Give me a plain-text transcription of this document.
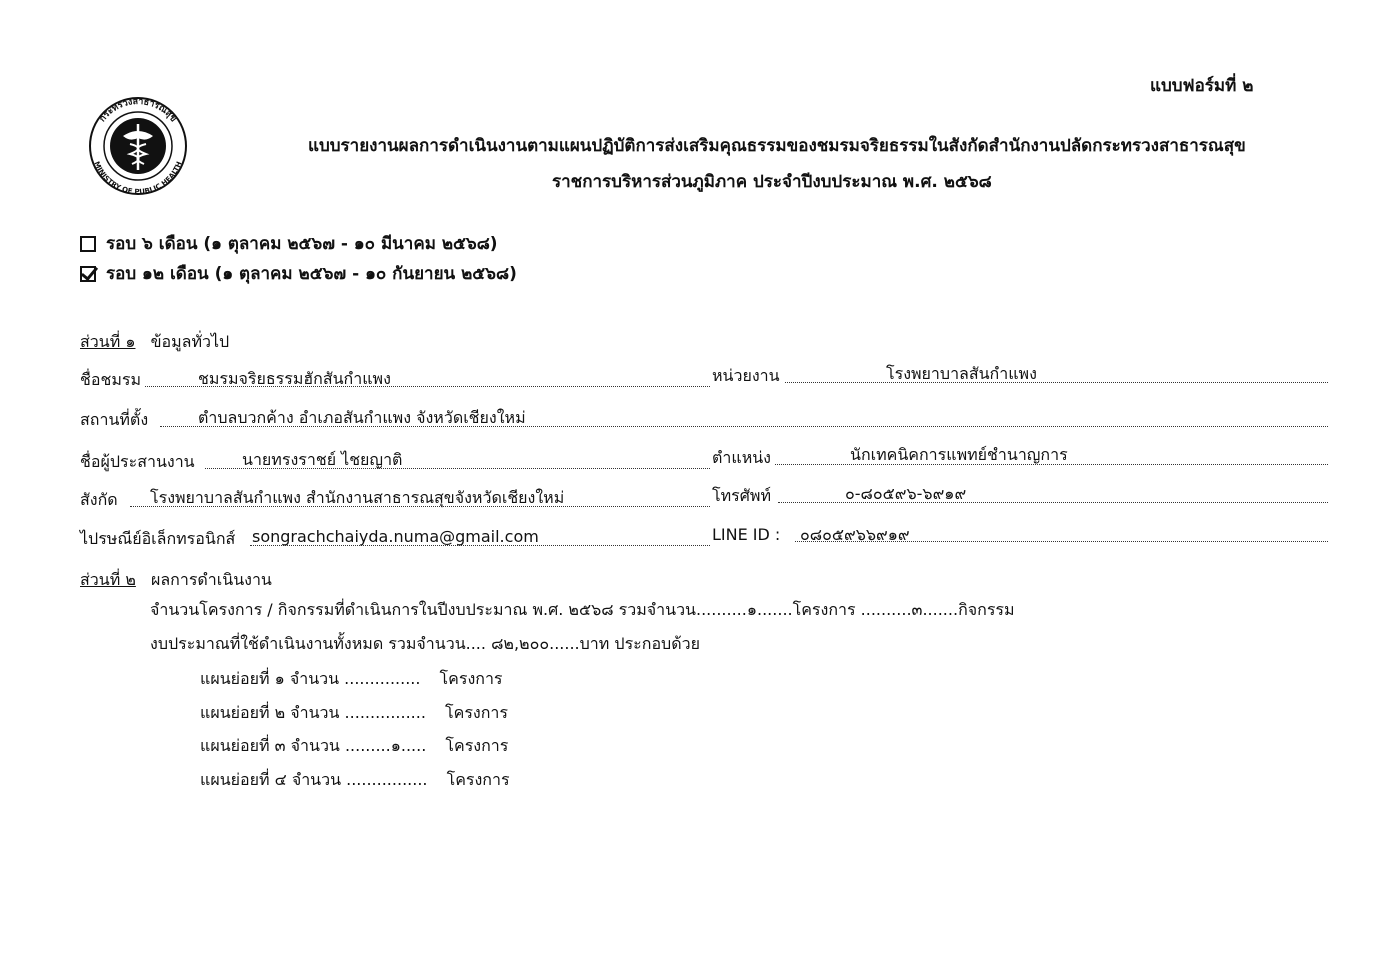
แบบฟอร์มที่ ๒
กระทรวงสาธารณสุข
MINISTRY OF PUBLIC HEALTH
แบบรายงานผลการดำเนินงานตามแผนปฏิบัติการส่งเสริมคุณธรรมของชมรมจริยธรรมในสังกัดสำนักงานปลัดกระทรวงสาธารณสุข
ราชการบริหารส่วนภูมิภาค ประจำปีงบประมาณ พ.ศ. ๒๕๖๘
รอบ ๖ เดือน (๑ ตุลาคม ๒๕๖๗ - ๑๐ มีนาคม ๒๕๖๘)
รอบ ๑๒ เดือน (๑ ตุลาคม ๒๕๖๗ - ๑๐ กันยายน ๒๕๖๘)
ส่วนที่ ๑ ข้อมูลทั่วไป
ชื่อชมรม	ชมรมจริยธรรมฮักสันกำแพง	หน่วยงาน	โรงพยาบาลสันกำแพง
สถานที่ตั้ง	ตำบลบวกค้าง อำเภอสันกำแพง จังหวัดเชียงใหม่
ชื่อผู้ประสานงาน	นายทรงราชย์ ไชยญาติ	ตำแหน่ง	นักเทคนิคการแพทย์ชำนาญการ
สังกัด โรงพยาบาลสันกำแพง สำนักงานสาธารณสุขจังหวัดเชียงใหม่	โทรศัพท์	๐-๘๐๕๙๖-๖๙๑๙
ไปรษณีย์อิเล็กทรอนิกส์ songrachchaiyda.numa@gmail.com	LINE ID : ๐๘๐๕๙๖๖๙๑๙
ส่วนที่ ๒ ผลการดำเนินงาน
จำนวนโครงการ / กิจกรรมที่ดำเนินการในปีงบประมาณ พ.ศ. ๒๕๖๘ รวมจำนวน..........๑.......โครงการ ..........๓.......กิจกรรม
งบประมาณที่ใช้ดำเนินงานทั้งหมด รวมจำนวน.... ๘๒,๒๐๐......บาท ประกอบด้วย
แผนย่อยที่ ๑ จำนวน ............... โครงการ
แผนย่อยที่ ๒ จำนวน ................ โครงการ
แผนย่อยที่ ๓ จำนวน .........๑..... โครงการ
แผนย่อยที่ ๔ จำนวน ................ โครงการ
